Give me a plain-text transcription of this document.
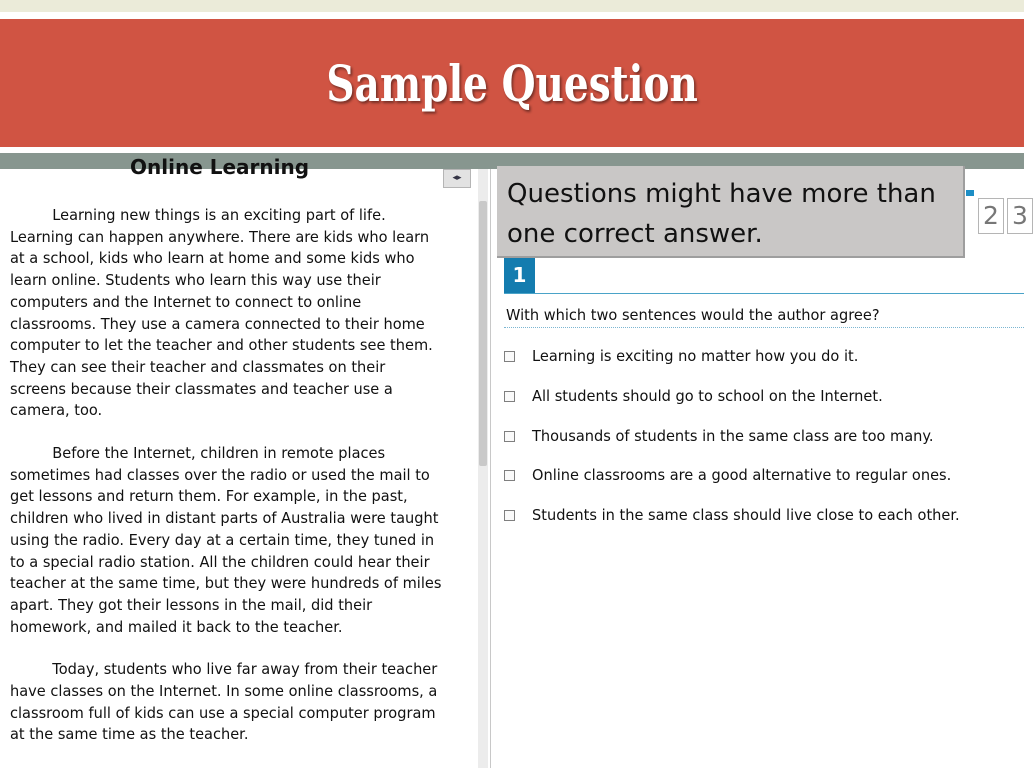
Sample Question
Online Learning	◂▸

Learning new things is an exciting part of life. Learning can happen anywhere. There are kids who learn at a school, kids who learn at home and some kids who learn online. Students who learn this way use their computers and the Internet to connect to online classrooms. They use a camera connected to their home computer to let the teacher and other students see them. They can see their teacher and classmates on their screens because their classmates and teacher use a camera, too.

Before the Internet, children in remote places sometimes had classes over the radio or used the mail to get lessons and return them. For example, in the past, children who lived in distant parts of Australia were taught using the radio. Every day at a certain time, they tuned in to a special radio station. All the children could hear their teacher at the same time, but they were hundreds of miles apart. They got their lessons in the mail, did their homework, and mailed it back to the teacher.

Today, students who live far away from their teacher have classes on the Internet. In some online classrooms, a classroom full of kids can use a special computer program at the same time as the teacher.

2 3
Questions might have more than one correct answer.
1
With which two sentences would the author agree?
Learning is exciting no matter how you do it.
All students should go to school on the Internet.
Thousands of students in the same class are too many.
Online classrooms are a good alternative to regular ones.
Students in the same class should live close to each other.
